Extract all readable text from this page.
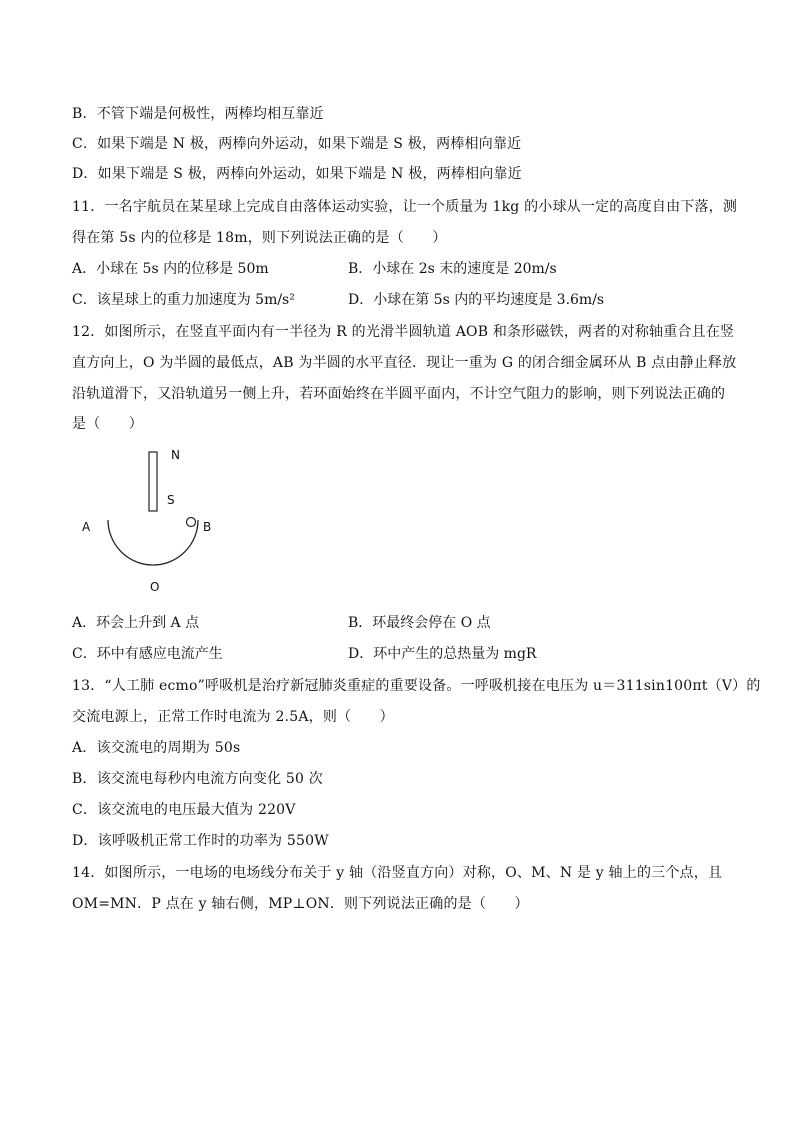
B．不管下端是何极性，两棒均相互靠近
C．如果下端是 N 极，两棒向外运动，如果下端是 S 极，两棒相向靠近
D．如果下端是 S 极，两棒向外运动，如果下端是 N 极，两棒相向靠近
11．一名宇航员在某星球上完成自由落体运动实验，让一个质量为 1kg 的小球从一定的高度自由下落，测
得在第 5s 内的位移是 18m，则下列说法正确的是（　　）
A．小球在 5s 内的位移是 50m	B．小球在 2s 末的速度是 20m/s
C．该星球上的重力加速度为 5m/s²	D．小球在第 5s 内的平均速度是 3.6m/s
12．如图所示，在竖直平面内有一半径为 R 的光滑半圆轨道 AOB 和条形磁铁，两者的对称轴重合且在竖
直方向上，O 为半圆的最低点，AB 为半圆的水平直径．现让一重为 G 的闭合细金属环从 B 点由静止释放
沿轨道滑下，又沿轨道另一侧上升，若环面始终在半圆平面内，不计空气阻力的影响，则下列说法正确的
是（　　）
N
S
A	B
O
A．环会上升到 A 点	B．环最终会停在 O 点
C．环中有感应电流产生	D．环中产生的总热量为 mgR
13．“人工肺 ecmo”呼吸机是治疗新冠肺炎重症的重要设备。一呼吸机接在电压为 u＝311sin100πt（V）的
交流电源上，正常工作时电流为 2.5A，则（　　）
A．该交流电的周期为 50s
B．该交流电每秒内电流方向变化 50 次
C．该交流电的电压最大值为 220V
D．该呼吸机正常工作时的功率为 550W
14．如图所示，一电场的电场线分布关于 y 轴（沿竖直方向）对称，O、M、N 是 y 轴上的三个点，且
OM=MN．P 点在 y 轴右侧，MP⊥ON．则下列说法正确的是（　　）
